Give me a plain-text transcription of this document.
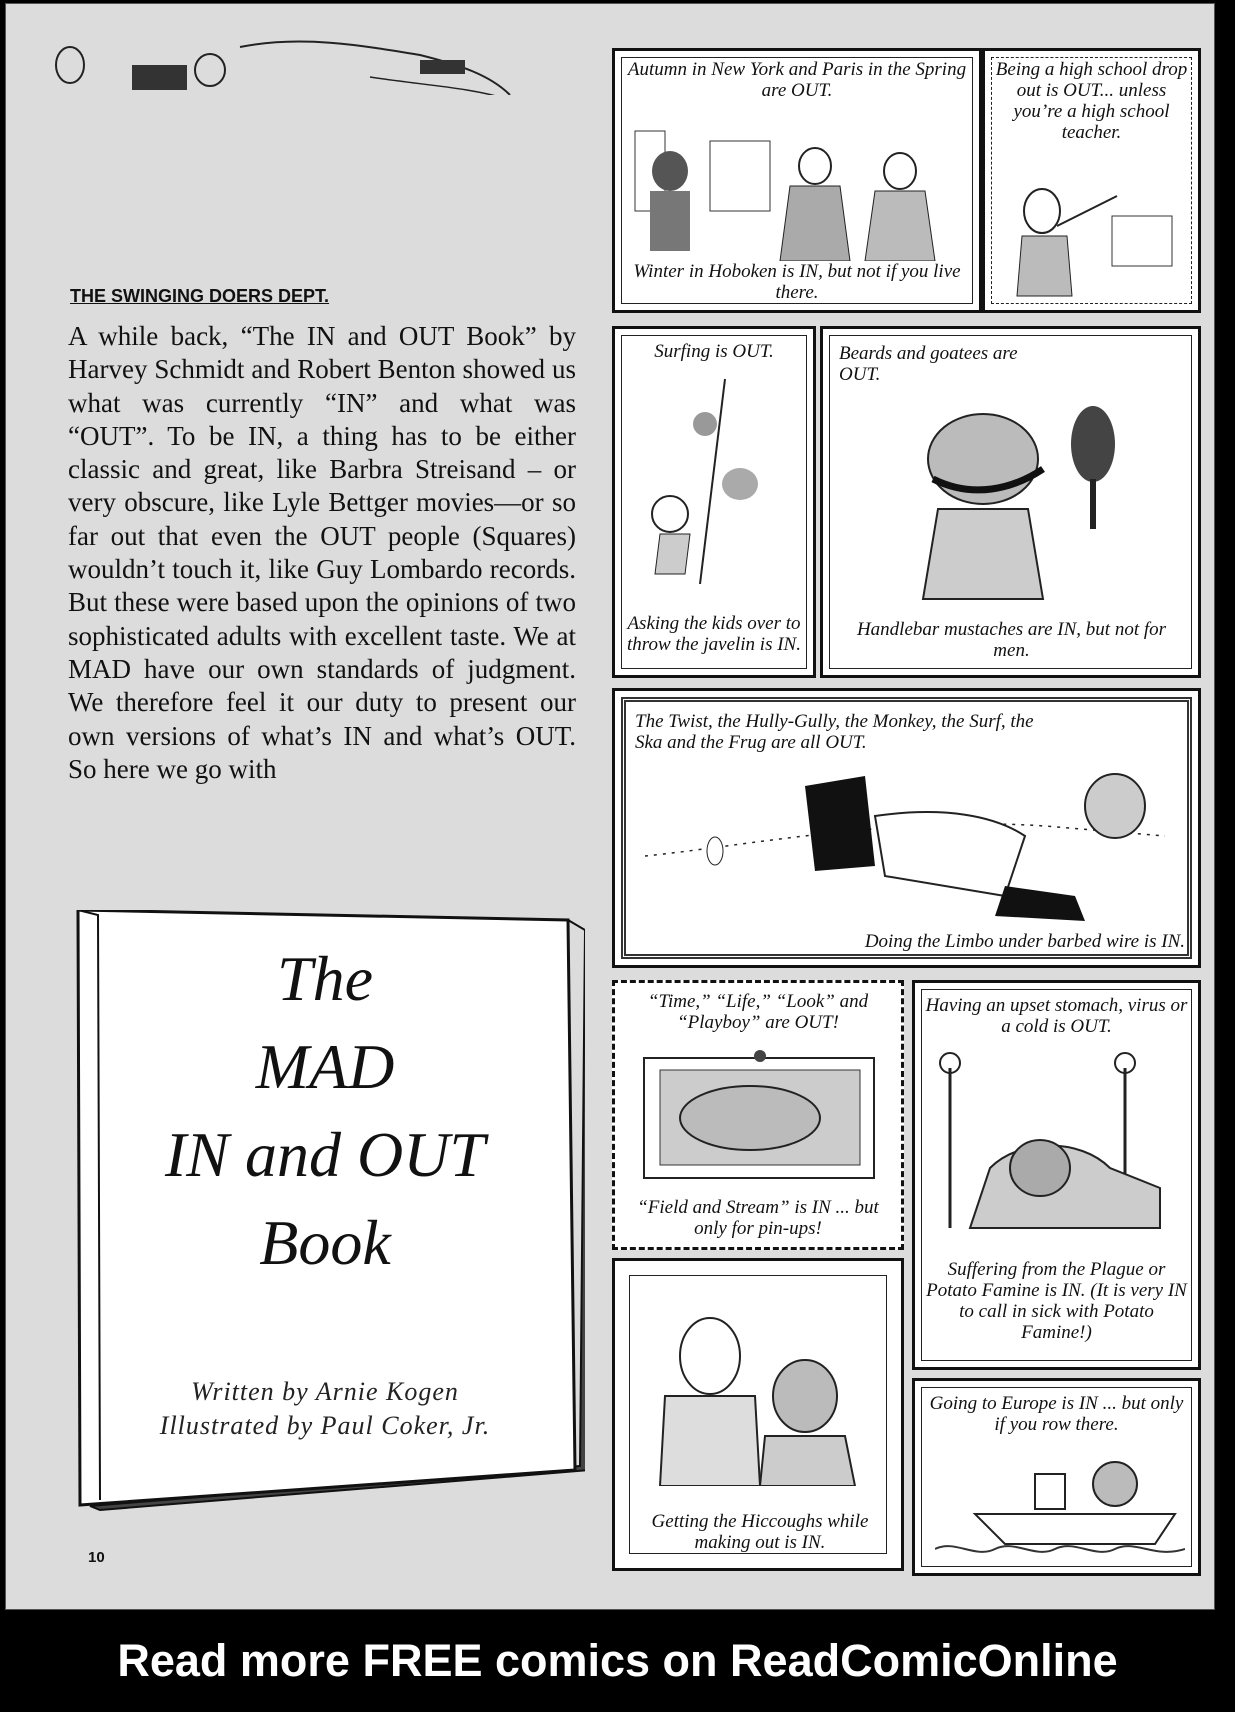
THE SWINGING DOERS DEPT.
A while back, “The IN and OUT Book” by Harvey Schmidt and Robert Benton showed us what was currently “IN” and what was “OUT”. To be IN, a thing has to be either classic and great, like Barbra Streisand – or very obscure, like Lyle Bettger movies—or so far out that even the OUT people (Squares) wouldn’t touch it, like Guy Lombardo records. But these were based upon the opinions of two sophisticated adults with excellent taste. We at MAD have our own standards of judgment. We therefore feel it our duty to present our own versions of what’s IN and what’s OUT. So here we go with
The
MAD
IN and OUT
Book
Written by Arnie Kogen
Illustrated by Paul Coker, Jr.
10
Autumn in New York and Paris in the Spring are OUT.
Winter in Hoboken is IN, but not if you live there.
Being a high school drop out is OUT... unless you’re a high school teacher.
Surfing is OUT.
Asking the kids over to throw the javelin is IN.
Beards and goatees are OUT.
Handlebar mustaches are IN, but not for men.
The Twist, the Hully-Gully, the Monkey, the Surf, the Ska and the Frug are all OUT.
Doing the Limbo under barbed wire is IN.
“Time,” “Life,” “Look” and “Playboy” are OUT!
“Field and Stream” is IN ... but only for pin-ups!
Having an upset stomach, virus or a cold is OUT.
Suffering from the Plague or Potato Famine is IN. (It is very IN to call in sick with Potato Famine!)
Getting the Hiccoughs while making out is IN.
Going to Europe is IN ... but only if you row there.
Read more FREE comics on ReadComicOnline
